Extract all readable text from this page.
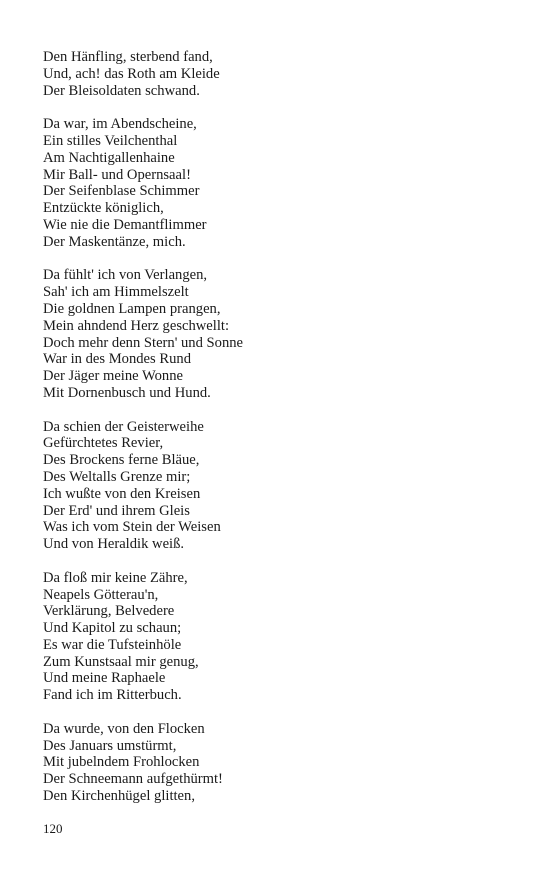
Den Hänfling, sterbend fand,
Und, ach! das Roth am Kleide
Der Bleisoldaten schwand.
Da war, im Abendscheine,
Ein stilles Veilchenthal
Am Nachtigallenhaine
Mir Ball- und Opernsaal!
Der Seifenblase Schimmer
Entzückte königlich,
Wie nie die Demantflimmer
Der Maskentänze, mich.
Da fühlt' ich von Verlangen,
Sah' ich am Himmelszelt
Die goldnen Lampen prangen,
Mein ahndend Herz geschwellt:
Doch mehr denn Stern' und Sonne
War in des Mondes Rund
Der Jäger meine Wonne
Mit Dornenbusch und Hund.
Da schien der Geisterweihe
Gefürchtetes Revier,
Des Brockens ferne Bläue,
Des Weltalls Grenze mir;
Ich wußte von den Kreisen
Der Erd' und ihrem Gleis
Was ich vom Stein der Weisen
Und von Heraldik weiß.
Da floß mir keine Zähre,
Neapels Götterau'n,
Verklärung, Belvedere
Und Kapitol zu schaun;
Es war die Tufsteinhöle
Zum Kunstsaal mir genug,
Und meine Raphaele
Fand ich im Ritterbuch.
Da wurde, von den Flocken
Des Januars umstürmt,
Mit jubelndem Frohlocken
Der Schneemann aufgethürmt!
Den Kirchenhügel glitten,
120
